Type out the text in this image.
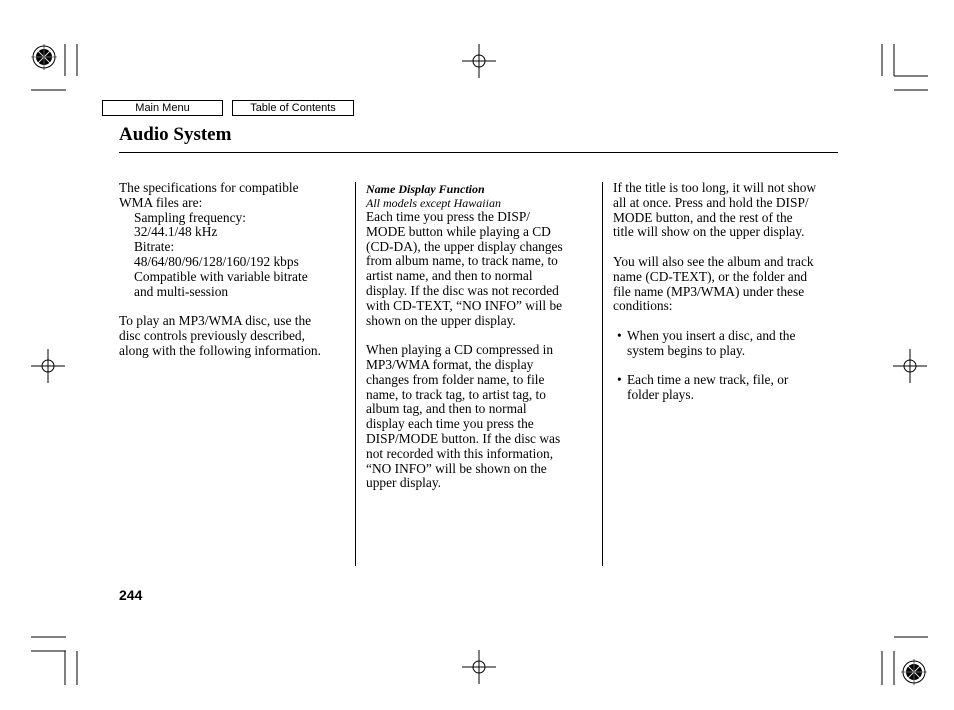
Main Menu	Table of Contents
Audio System

The specifications for compatible

WMA files are:

Sampling frequency:

32/44.1/48 kHz

Bitrate:

48/64/80/96/128/160/192 kbps

Compatible with variable bitrate

and multi-session

To play an MP3/WMA disc, use the

disc controls previously described,

along with the following information.

Name Display Function

All models except Hawaiian

Each time you press the DISP/

MODE button while playing a CD

(CD-DA), the upper display changes

from album name, to track name, to

artist name, and then to normal

display. If the disc was not recorded

with CD-TEXT, “NO INFO” will be

shown on the upper display.

When playing a CD compressed in

MP3/WMA format, the display

changes from folder name, to file

name, to track tag, to artist tag, to

album tag, and then to normal

display each time you press the

DISP/MODE button. If the disc was

not recorded with this information,

“NO INFO” will be shown on the

upper display.

If the title is too long, it will not show

all at once. Press and hold the DISP/

MODE button, and the rest of the

title will show on the upper display.

You will also see the album and track

name (CD-TEXT), or the folder and

file name (MP3/WMA) under these

conditions:

• When you insert a disc, and the

system begins to play.

• Each time a new track, file, or

folder plays.

244
